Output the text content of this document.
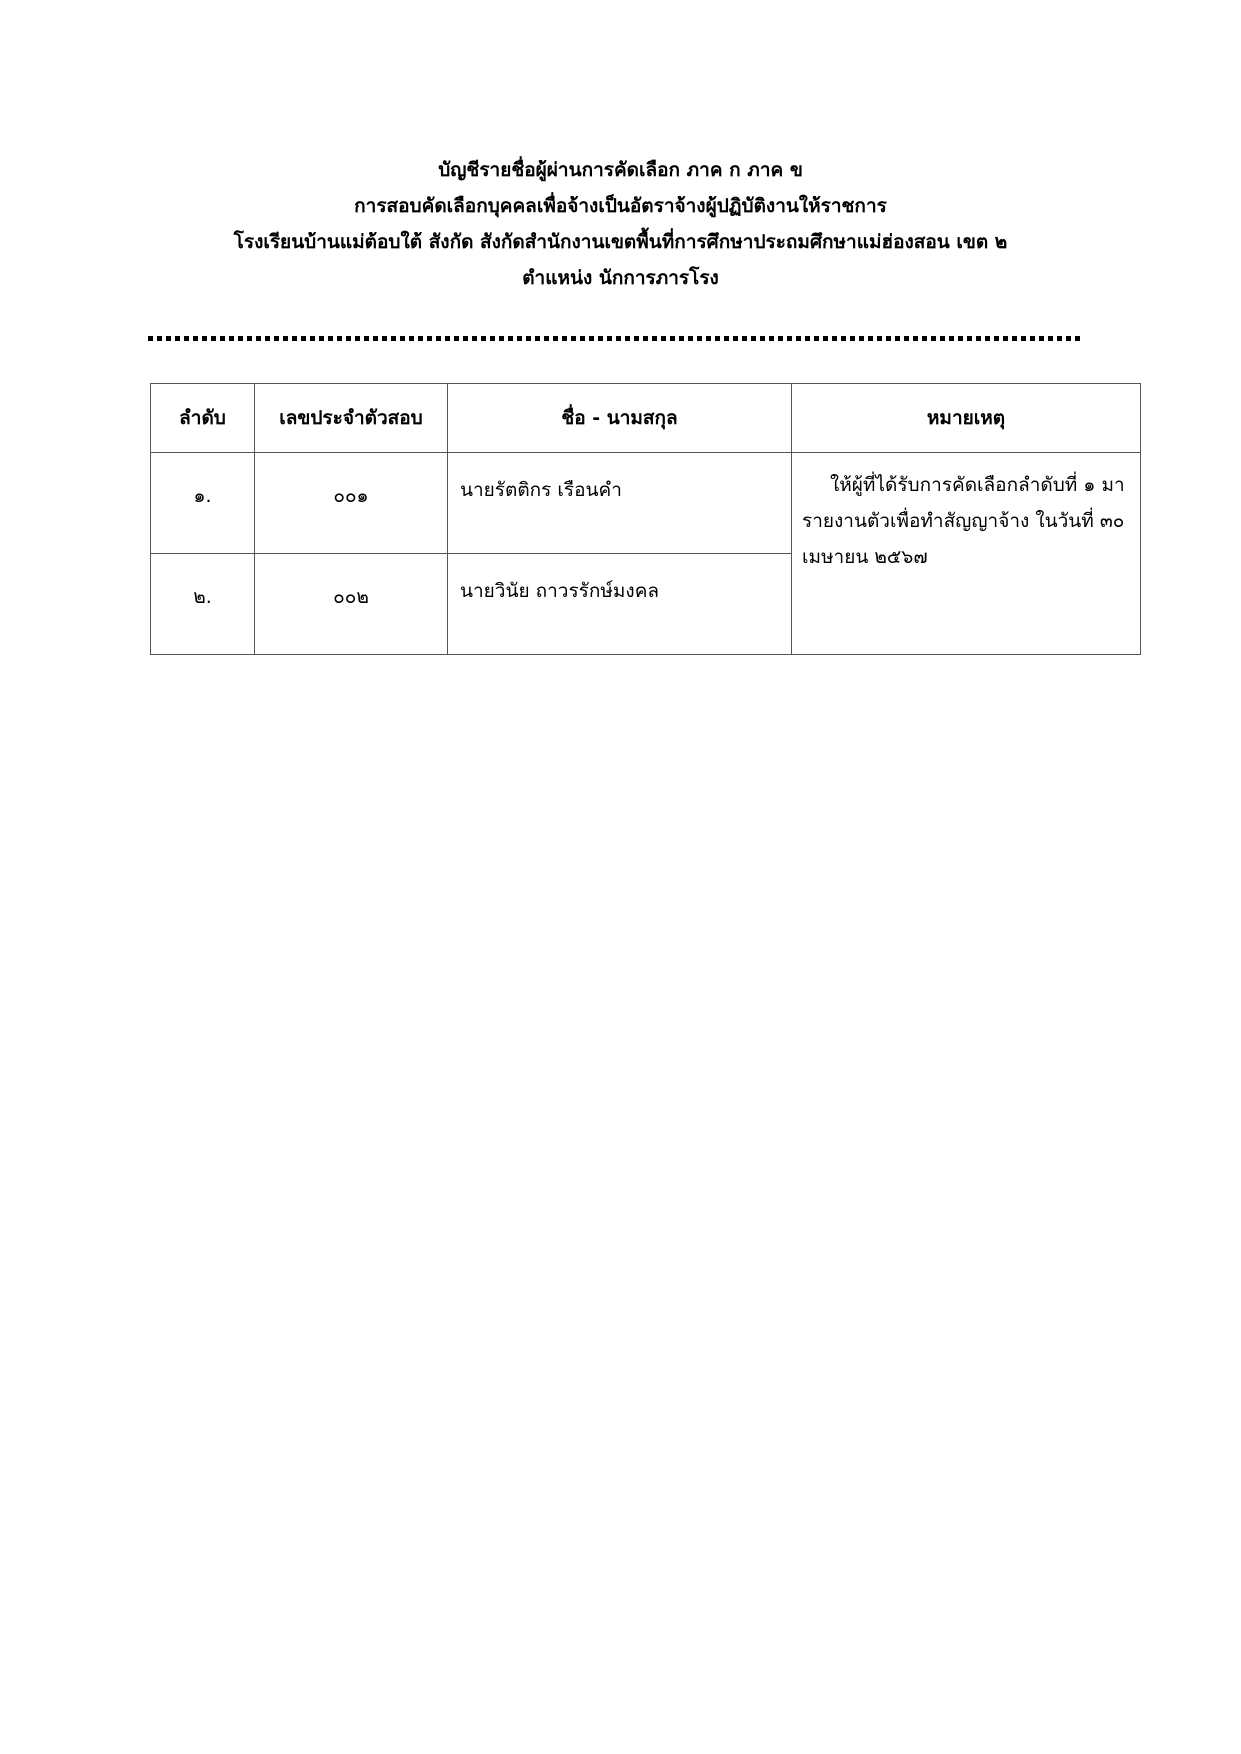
บัญชีรายชื่อผู้ผ่านการคัดเลือก ภาค ก ภาค ข
การสอบคัดเลือกบุคคลเพื่อจ้างเป็นอัตราจ้างผู้ปฏิบัติงานให้ราชการ
โรงเรียนบ้านแม่ต้อบใต้ สังกัด สังกัดสำนักงานเขตพื้นที่การศึกษาประถมศึกษาแม่ฮ่องสอน เขต ๒
ตำแหน่ง นักการภารโรง
ลำดับ	เลขประจำตัวสอบ	ชื่อ - นามสกุล	หมายเหตุ
๑.	๐๐๑	นายรัตติกร เรือนคำ	ให้ผู้ที่ได้รับการคัดเลือกลำดับที่ ๑ มารายงานตัวเพื่อทำสัญญาจ้าง ในวันที่ ๓๐ เมษายน ๒๕๖๗

๒.	๐๐๒	นายวินัย ถาวรรักษ์มงคล	
